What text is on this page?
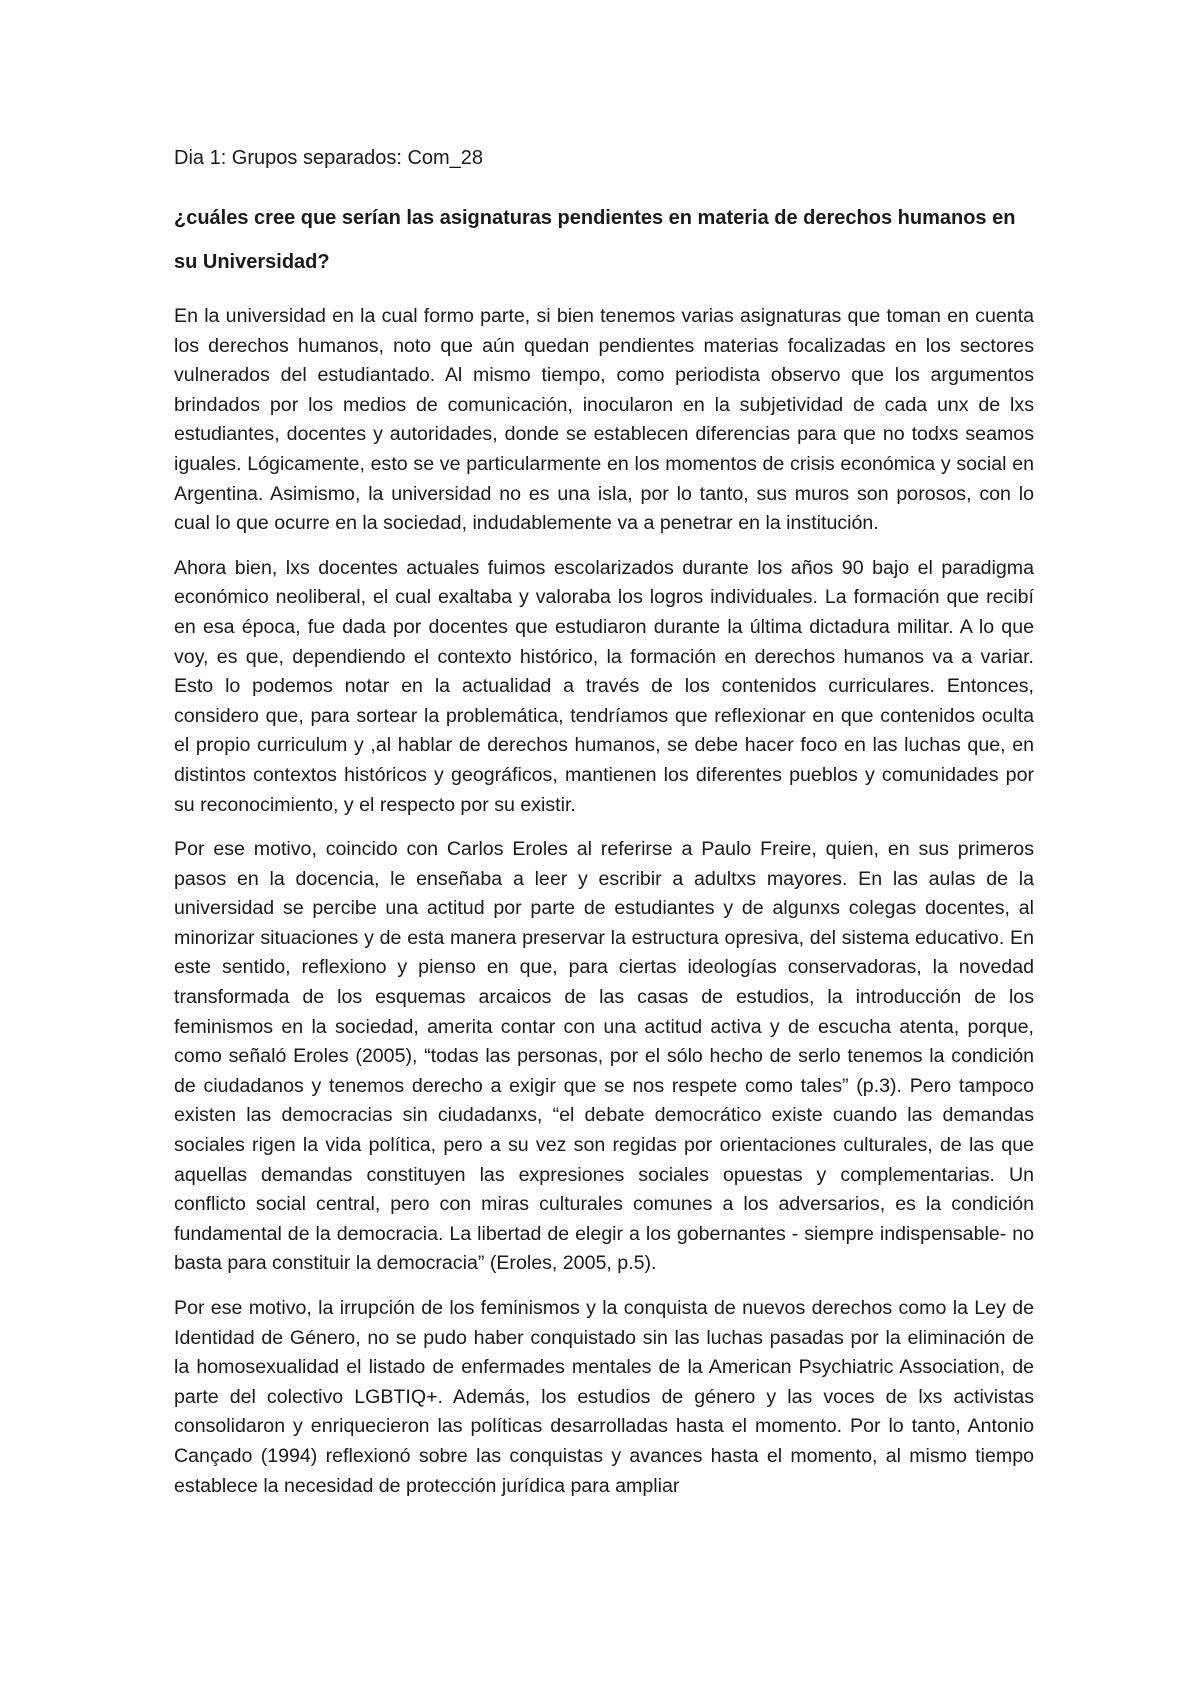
Dia 1: Grupos separados: Com_28

¿cuáles cree que serían las asignaturas pendientes en materia de derechos humanos en su Universidad?

En la universidad en la cual formo parte, si bien tenemos varias asignaturas que toman en cuenta los derechos humanos, noto que aún quedan pendientes materias focalizadas en los sectores vulnerados del estudiantado. Al mismo tiempo, como periodista observo que los argumentos brindados por los medios de comunicación, inocularon en la subjetividad de cada unx de lxs estudiantes, docentes y autoridades, donde se establecen diferencias para que no todxs seamos iguales. Lógicamente, esto se ve particularmente en los momentos de crisis económica y social en Argentina. Asimismo, la universidad no es una isla, por lo tanto, sus muros son porosos, con lo cual lo que ocurre en la sociedad, indudablemente va a penetrar en la institución.

Ahora bien, lxs docentes actuales fuimos escolarizados durante los años 90 bajo el paradigma económico neoliberal, el cual exaltaba y valoraba los logros individuales. La formación que recibí en esa época, fue dada por docentes que estudiaron durante la última dictadura militar. A lo que voy, es que, dependiendo el contexto histórico, la formación en derechos humanos va a variar. Esto lo podemos notar en la actualidad a través de los contenidos curriculares. Entonces, considero que, para sortear la problemática, tendríamos que reflexionar en que contenidos oculta el propio curriculum y ,al hablar de derechos humanos, se debe hacer foco en las luchas que, en distintos contextos históricos y geográficos, mantienen los diferentes pueblos y comunidades por su reconocimiento, y el respecto por su existir.

Por ese motivo, coincido con Carlos Eroles al referirse a Paulo Freire, quien, en sus primeros pasos en la docencia, le enseñaba a leer y escribir a adultxs mayores. En las aulas de la universidad se percibe una actitud por parte de estudiantes y de algunxs colegas docentes, al minorizar situaciones y de esta manera preservar la estructura opresiva, del sistema educativo. En este sentido, reflexiono y pienso en que, para ciertas ideologías conservadoras, la novedad transformada de los esquemas arcaicos de las casas de estudios, la introducción de los feminismos en la sociedad, amerita contar con una actitud activa y de escucha atenta, porque, como señaló Eroles (2005), “todas las personas, por el sólo hecho de serlo tenemos la condición de ciudadanos y tenemos derecho a exigir que se nos respete como tales” (p.3). Pero tampoco existen las democracias sin ciudadanxs, “el debate democrático existe cuando las demandas sociales rigen la vida política, pero a su vez son regidas por orientaciones culturales, de las que aquellas demandas constituyen las expresiones sociales opuestas y complementarias. Un conflicto social central, pero con miras culturales comunes a los adversarios, es la condición fundamental de la democracia. La libertad de elegir a los gobernantes - siempre indispensable- no basta para constituir la democracia” (Eroles, 2005, p.5).

Por ese motivo, la irrupción de los feminismos y la conquista de nuevos derechos como la Ley de Identidad de Género, no se pudo haber conquistado sin las luchas pasadas por la eliminación de la homosexualidad el listado de enfermades mentales de la American Psychiatric Association, de parte del colectivo LGBTIQ+. Además, los estudios de género y las voces de lxs activistas consolidaron y enriquecieron las políticas desarrolladas hasta el momento. Por lo tanto, Antonio Cançado (1994) reflexionó sobre las conquistas y avances hasta el momento, al mismo tiempo establece la necesidad de protección jurídica para ampliar
